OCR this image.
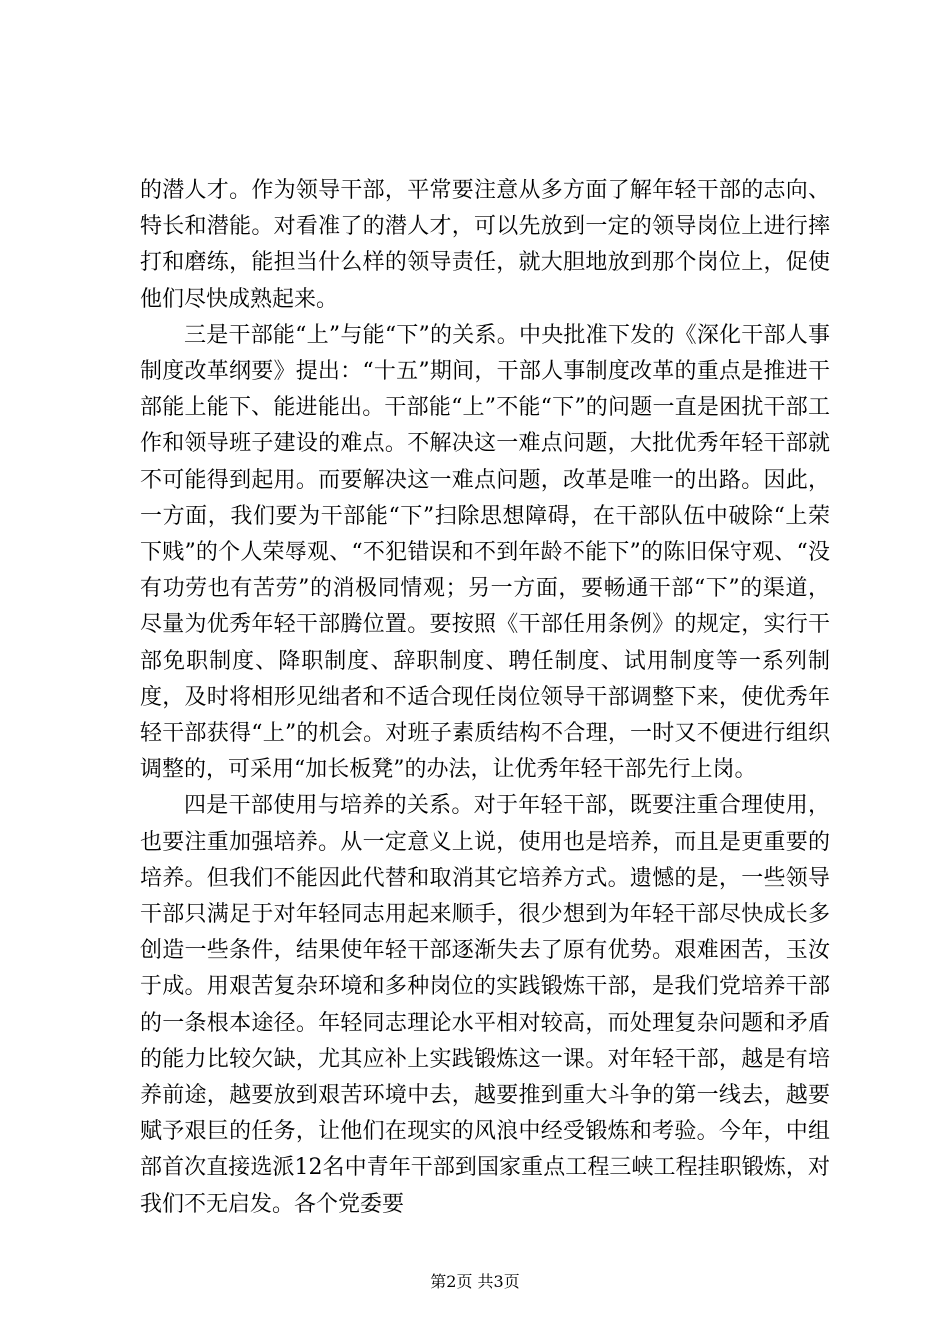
的潜人才。作为领导干部，平常要注意从多方面了解年轻干部的志向、特长和潜能。对看准了的潜人才，可以先放到一定的领导岗位上进行摔打和磨练，能担当什么样的领导责任，就大胆地放到那个岗位上，促使他们尽快成熟起来。

三是干部能“上”与能“下”的关系。中央批准下发的《深化干部人事制度改革纲要》提出：“十五”期间，干部人事制度改革的重点是推进干部能上能下、能进能出。干部能“上”不能“下”的问题一直是困扰干部工作和领导班子建设的难点。不解决这一难点问题，大批优秀年轻干部就不可能得到起用。而要解决这一难点问题，改革是唯一的出路。因此，一方面，我们要为干部能“下”扫除思想障碍，在干部队伍中破除“上荣下贱”的个人荣辱观、“不犯错误和不到年龄不能下”的陈旧保守观、“没有功劳也有苦劳”的消极同情观；另一方面，要畅通干部“下”的渠道，尽量为优秀年轻干部腾位置。要按照《干部任用条例》的规定，实行干部免职制度、降职制度、辞职制度、聘任制度、试用制度等一系列制度，及时将相形见绌者和不适合现任岗位领导干部调整下来，使优秀年轻干部获得“上”的机会。对班子素质结构不合理，一时又不便进行组织调整的，可采用“加长板凳”的办法，让优秀年轻干部先行上岗。

四是干部使用与培养的关系。对于年轻干部，既要注重合理使用，也要注重加强培养。从一定意义上说，使用也是培养，而且是更重要的培养。但我们不能因此代替和取消其它培养方式。遗憾的是，一些领导干部只满足于对年轻同志用起来顺手，很少想到为年轻干部尽快成长多创造一些条件，结果使年轻干部逐渐失去了原有优势。艰难困苦，玉汝于成。用艰苦复杂环境和多种岗位的实践锻炼干部，是我们党培养干部的一条根本途径。年轻同志理论水平相对较高，而处理复杂问题和矛盾的能力比较欠缺，尤其应补上实践锻炼这一课。对年轻干部，越是有培养前途，越要放到艰苦环境中去，越要推到重大斗争的第一线去，越要赋予艰巨的任务，让他们在现实的风浪中经受锻炼和考验。今年，中组部首次直接选派12名中青年干部到国家重点工程三峡工程挂职锻炼，对我们不无启发。各个党委要

第2页 共3页
